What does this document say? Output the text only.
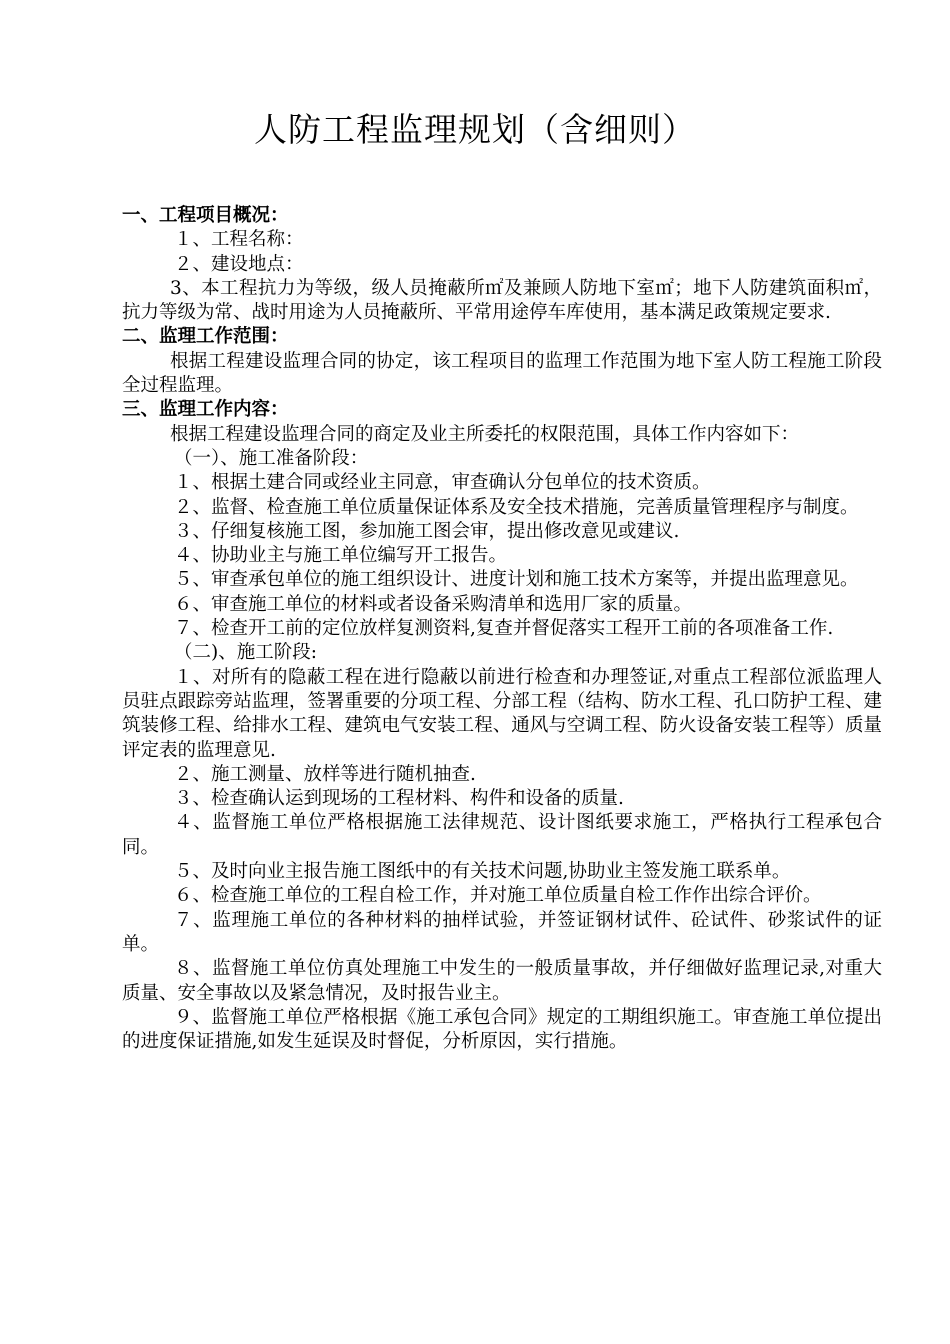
人防工程监理规划（含细则）

一、工程项目概况：

１、工程名称：

２、建设地点：

3、本工程抗力为等级，级人员掩蔽所㎡及兼顾人防地下室㎡；地下人防建筑面积㎡，抗力等级为常、战时用途为人员掩蔽所、平常用途停车库使用，基本满足政策规定要求.

二、监理工作范围：

根据工程建设监理合同的协定，该工程项目的监理工作范围为地下室人防工程施工阶段全过程监理。

三、监理工作内容：

根据工程建设监理合同的商定及业主所委托的权限范围，具体工作内容如下：

（一）、施工准备阶段：

１、根据土建合同或经业主同意，审查确认分包单位的技术资质。

２、监督、检查施工单位质量保证体系及安全技术措施，完善质量管理程序与制度。

３、仔细复核施工图，参加施工图会审，提出修改意见或建议.

４、协助业主与施工单位编写开工报告。

５、审查承包单位的施工组织设计、进度计划和施工技术方案等，并提出监理意见。

６、审查施工单位的材料或者设备采购清单和选用厂家的质量。

７、检查开工前的定位放样复测资料,复查并督促落实工程开工前的各项准备工作.

（二)、施工阶段:

１、对所有的隐蔽工程在进行隐蔽以前进行检查和办理签证,对重点工程部位派监理人员驻点跟踪旁站监理，签署重要的分项工程、分部工程（结构、防水工程、孔口防护工程、建筑装修工程、给排水工程、建筑电气安装工程、通风与空调工程、防火设备安装工程等）质量评定表的监理意见.

２、施工测量、放样等进行随机抽查.

３、检查确认运到现场的工程材料、构件和设备的质量.

４、监督施工单位严格根据施工法律规范、设计图纸要求施工，严格执行工程承包合同。

５、及时向业主报告施工图纸中的有关技术问题,协助业主签发施工联系单。

６、检查施工单位的工程自检工作，并对施工单位质量自检工作作出综合评价。

７、监理施工单位的各种材料的抽样试验，并签证钢材试件、砼试件、砂浆试件的证单。

８、监督施工单位仿真处理施工中发生的一般质量事故，并仔细做好监理记录,对重大质量、安全事故以及紧急情况，及时报告业主。

９、监督施工单位严格根据《施工承包合同》规定的工期组织施工。审查施工单位提出的进度保证措施,如发生延误及时督促，分析原因，实行措施。
